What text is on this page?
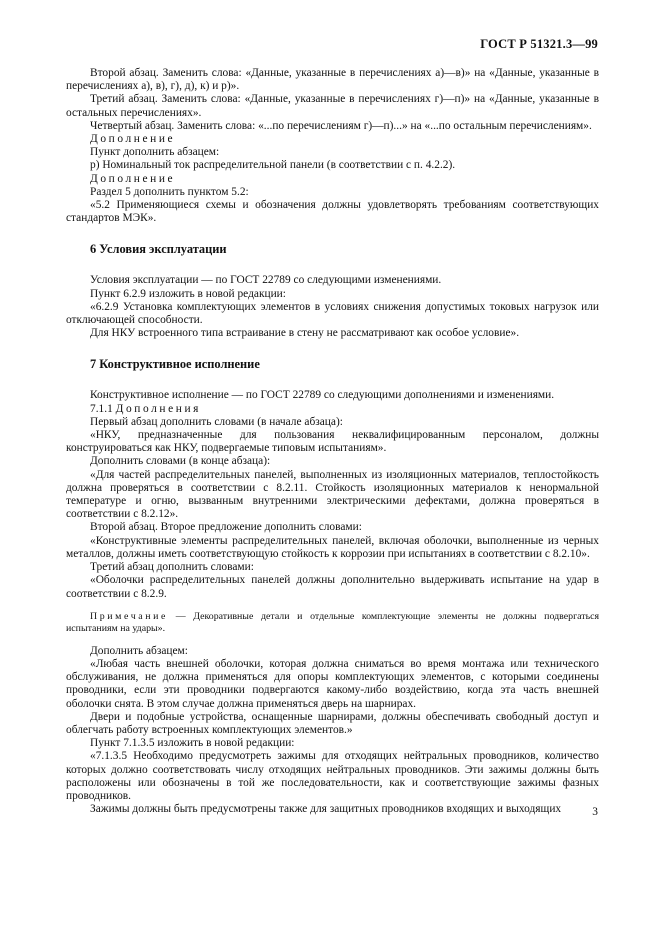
ГОСТ Р 51321.3—99

Второй абзац. Заменить слова: «Данные, указанные в перечислениях а)—в)» на «Данные, указанные в перечислениях а), в), г), д), к) и р)».

Третий абзац. Заменить слова: «Данные, указанные в перечислениях г)—п)» на «Данные, указанные в остальных перечислениях».

Четвертый абзац. Заменить слова: «...по перечислениям г)—п)...» на «...по остальным перечислениям».

Дополнение

Пункт дополнить абзацем:

р) Номинальный ток распределительной панели (в соответствии с п. 4.2.2).

Дополнение

Раздел 5 дополнить пунктом 5.2:

«5.2 Применяющиеся схемы и обозначения должны удовлетворять требованиям соответствующих стандартов МЭК».

6 Условия эксплуатации

Условия эксплуатации — по ГОСТ 22789 со следующими изменениями.

Пункт 6.2.9 изложить в новой редакции:

«6.2.9 Установка комплектующих элементов в условиях снижения допустимых токовых нагрузок или отключающей способности.

Для НКУ встроенного типа встраивание в стену не рассматривают как особое условие».

7 Конструктивное исполнение

Конструктивное исполнение — по ГОСТ 22789 со следующими дополнениями и изменениями.

7.1.1 Дополнения

Первый абзац дополнить словами (в начале абзаца):

«НКУ, предназначенные для пользования неквалифицированным персоналом, должны конструироваться как НКУ, подвергаемые типовым испытаниям».

Дополнить словами (в конце абзаца):

«Для частей распределительных панелей, выполненных из изоляционных материалов, теплостойкость должна проверяться в соответствии с 8.2.11. Стойкость изоляционных материалов к ненормальной температуре и огню, вызванным внутренними электрическими дефектами, должна проверяться в соответствии с 8.2.12».

Второй абзац. Второе предложение дополнить словами:

«Конструктивные элементы распределительных панелей, включая оболочки, выполненные из черных металлов, должны иметь соответствующую стойкость к коррозии при испытаниях в соответствии с 8.2.10».

Третий абзац дополнить словами:

«Оболочки распределительных панелей должны дополнительно выдерживать испытание на удар в соответствии с 8.2.9.

Примечание — Декоративные детали и отдельные комплектующие элементы не должны подвергаться испытаниям на удары».

Дополнить абзацем:

«Любая часть внешней оболочки, которая должна сниматься во время монтажа или технического обслуживания, не должна применяться для опоры комплектующих элементов, с которыми соединены проводники, если эти проводники подвергаются какому-либо воздействию, когда эта часть внешней оболочки снята. В этом случае должна применяться дверь на шарнирах.

Двери и подобные устройства, оснащенные шарнирами, должны обеспечивать свободный доступ и облегчать работу встроенных комплектующих элементов.»

Пункт 7.1.3.5 изложить в новой редакции:

«7.1.3.5 Необходимо предусмотреть зажимы для отходящих нейтральных проводников, количество которых должно соответствовать числу отходящих нейтральных проводников. Эти зажимы должны быть расположены или обозначены в той же последовательности, как и соответствующие зажимы фазных проводников.

Зажимы должны быть предусмотрены также для защитных проводников входящих и выходящих	3
